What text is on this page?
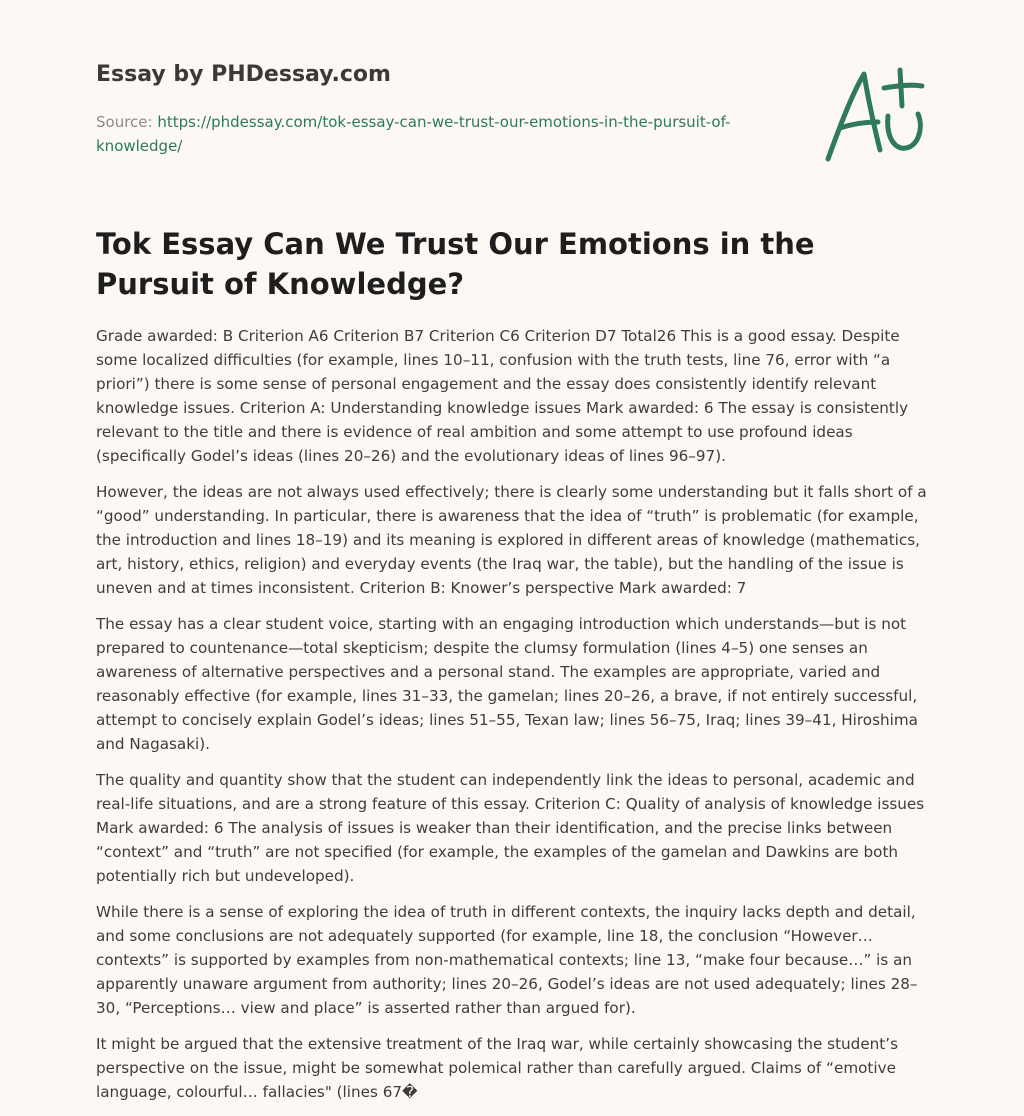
Essay by PHDessay.com
Source: https://phdessay.com/tok-essay-can-we-trust-our-emotions-in-the-pursuit-of-knowledge/
Tok Essay Can We Trust Our Emotions in the Pursuit of Knowledge?

Grade awarded: B Criterion A6 Criterion B7 Criterion C6 Criterion D7 Total26 This is a good essay. Despite some localized difficulties (for example, lines 10–11, confusion with the truth tests, line 76, error with “a priori”) there is some sense of personal engagement and the essay does consistently identify relevant knowledge issues. Criterion A: Understanding knowledge issues Mark awarded: 6 The essay is consistently relevant to the title and there is evidence of real ambition and some attempt to use profound ideas (specifically Godel’s ideas (lines 20–26) and the evolutionary ideas of lines 96–97).

However, the ideas are not always used effectively; there is clearly some understanding but it falls short of a “good” understanding. In particular, there is awareness that the idea of “truth” is problematic (for example, the introduction and lines 18–19) and its meaning is explored in different areas of knowledge (mathematics, art, history, ethics, religion) and everyday events (the Iraq war, the table), but the handling of the issue is uneven and at times inconsistent. Criterion B: Knower’s perspective Mark awarded: 7

The essay has a clear student voice, starting with an engaging introduction which understands—but is not prepared to countenance—total skepticism; despite the clumsy formulation (lines 4–5) one senses an awareness of alternative perspectives and a personal stand. The examples are appropriate, varied and reasonably effective (for example, lines 31–33, the gamelan; lines 20–26, a brave, if not entirely successful, attempt to concisely explain Godel’s ideas; lines 51–55, Texan law; lines 56–75, Iraq; lines 39–41, Hiroshima and Nagasaki).

The quality and quantity show that the student can independently link the ideas to personal, academic and real-life situations, and are a strong feature of this essay. Criterion C: Quality of analysis of knowledge issues Mark awarded: 6 The analysis of issues is weaker than their identification, and the precise links between “context” and “truth” are not specified (for example, the examples of the gamelan and Dawkins are both potentially rich but undeveloped).

While there is a sense of exploring the idea of truth in different contexts, the inquiry lacks depth and detail, and some conclusions are not adequately supported (for example, line 18, the conclusion “However… contexts” is supported by examples from non-mathematical contexts; line 13, “make four because…” is an apparently unaware argument from authority; lines 20–26, Godel’s ideas are not used adequately; lines 28–30, “Perceptions… view and place” is asserted rather than argued for).

It might be argued that the extensive treatment of the Iraq war, while certainly showcasing the student’s perspective on the issue, might be somewhat polemical rather than carefully argued. Claims of “emotive language, colourful… fallacies" (lines 67�
